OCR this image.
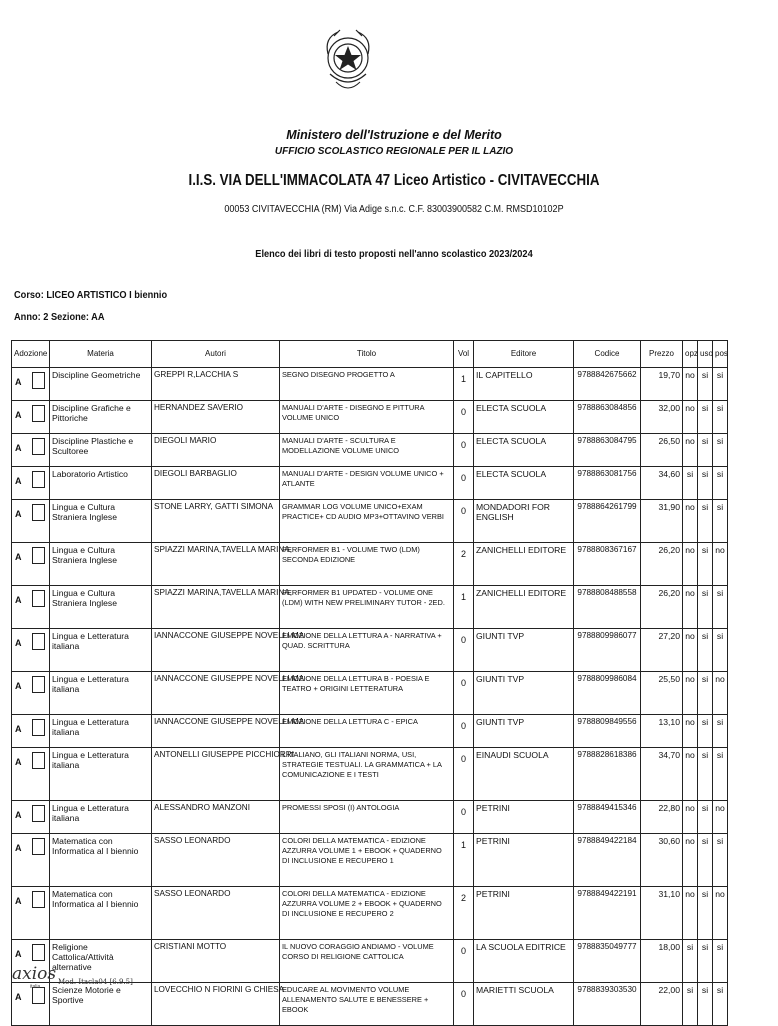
Ministero dell'Istruzione e del Merito
UFFICIO SCOLASTICO REGIONALE PER IL LAZIO
I.I.S. VIA DELL'IMMACOLATA 47 Liceo Artistico - CIVITAVECCHIA
00053 CIVITAVECCHIA (RM) Via Adige s.n.c. C.F. 83003900582 C.M. RMSD10102P
Elenco dei libri di testo proposti nell'anno scolastico 2023/2024
Corso: LICEO ARTISTICO I biennio
Anno: 2 Sezione: AA
Adozione	Materia	Autori	Titolo	Vol	Editore	Codice	Prezzo	opz	uso	pos

A	Discipline Geometriche	GREPPI R,LACCHIA S	SEGNO DISEGNO PROGETTO A	1	IL CAPITELLO	9788842675662	19,70	no	si	si

A	Discipline Grafiche e Pittoriche	HERNANDEZ SAVERIO	MANUALI D'ARTE - DISEGNO E PITTURA VOLUME UNICO	0	ELECTA SCUOLA	9788863084856	32,00	no	si	si

A	Discipline Plastiche e Scultoree	DIEGOLI MARIO	MANUALI D'ARTE - SCULTURA E MODELLAZIONE VOLUME UNICO	0	ELECTA SCUOLA	9788863084795	26,50	no	si	si

A	Laboratorio Artistico	DIEGOLI BARBAGLIO	MANUALI D'ARTE - DESIGN VOLUME UNICO + ATLANTE	0	ELECTA SCUOLA	9788863081756	34,60	si	si	si

A	Lingua e Cultura Straniera Inglese	STONE LARRY, GATTI SIMONA	GRAMMAR LOG VOLUME UNICO+EXAM PRACTICE+ CD AUDIO MP3+OTTAVINO VERBI	0	MONDADORI FOR ENGLISH	9788864261799	31,90	no	si	si

A	Lingua e Cultura Straniera Inglese	SPIAZZI MARINA,TAVELLA MARINA,	PERFORMER B1 - VOLUME TWO (LDM) SECONDA EDIZIONE	2	ZANICHELLI EDITORE	9788808367167	26,20	no	si	no

A	Lingua e Cultura Straniera Inglese	SPIAZZI MARINA,TAVELLA MARINA,	PERFORMER B1 UPDATED - VOLUME ONE (LDM) WITH NEW PRELIMINARY TUTOR - 2ED.	1	ZANICHELLI EDITORE	9788808488558	26,20	no	si	si

A	Lingua e Letteratura italiana	IANNACCONE GIUSEPPE NOVELLI MA	EMOZIONE DELLA LETTURA A - NARRATIVA + QUAD. SCRITTURA	0	GIUNTI TVP	9788809986077	27,20	no	si	si

A	Lingua e Letteratura italiana	IANNACCONE GIUSEPPE NOVELLI MA	EMOZIONE DELLA LETTURA B - POESIA E TEATRO + ORIGINI LETTERATURA	0	GIUNTI TVP	9788809986084	25,50	no	si	no

A	Lingua e Letteratura italiana	IANNACCONE GIUSEPPE NOVELLI MA	EMOZIONE DELLA LETTURA C - EPICA	0	GIUNTI TVP	9788809849556	13,10	no	si	si

A	Lingua e Letteratura italiana	ANTONELLI GIUSEPPE PICCHIORRI	L'ITALIANO, GLI ITALIANI NORMA, USI, STRATEGIE TESTUALI. LA GRAMMATICA + LA COMUNICAZIONE E I TESTI	0	EINAUDI SCUOLA	9788828618386	34,70	no	si	si

A	Lingua e Letteratura italiana	ALESSANDRO MANZONI	PROMESSI SPOSI (I) ANTOLOGIA	0	PETRINI	9788849415346	22,80	no	si	no

A	Matematica con Informatica al I biennio	SASSO LEONARDO	COLORI DELLA MATEMATICA - EDIZIONE AZZURRA VOLUME 1 + EBOOK + QUADERNO DI INCLUSIONE E RECUPERO 1	1	PETRINI	9788849422184	30,60	no	si	si

A	Matematica con Informatica al I biennio	SASSO LEONARDO	COLORI DELLA MATEMATICA - EDIZIONE AZZURRA VOLUME 2 + EBOOK + QUADERNO DI INCLUSIONE E RECUPERO 2	2	PETRINI	9788849422191	31,10	no	si	no

A	Religione Cattolica/Attività alternative	CRISTIANI MOTTO	IL NUOVO CORAGGIO ANDIAMO - VOLUME CORSO DI RELIGIONE CATTOLICA	0	LA SCUOLA EDITRICE	9788835049777	18,00	si	si	si

A	Scienze Motorie e Sportive	LOVECCHIO N FIORINI G CHIESA	EDUCARE AL MOVIMENTO VOLUME ALLENAMENTO SALUTE E BENESSERE + EBOOK	0	MARIETTI SCUOLA	9788839303530	22,00	si	si	si
axios
italia
Mod. Itacla04 [6.9.5]
